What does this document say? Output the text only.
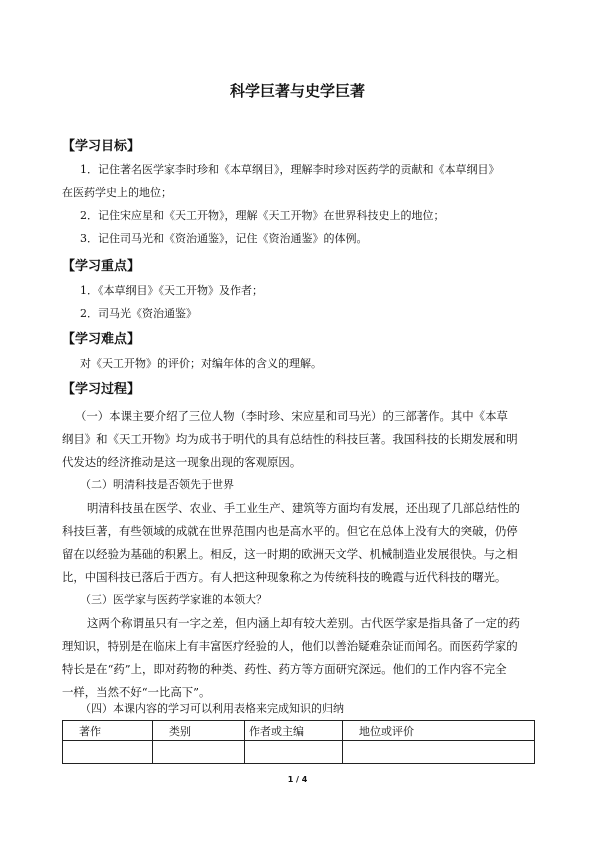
科学巨著与史学巨著
【学习目标】
1．记住著名医学家李时珍和《本草纲目》，理解李时珍对医药学的贡献和《本草纲目》
在医药学史上的地位；
2．记住宋应星和《天工开物》，理解《天工开物》在世界科技史上的地位；
3．记住司马光和《资治通鉴》，记住《资治通鉴》的体例。
【学习重点】
1．《本草纲目》《天工开物》及作者；
2．司马光《资治通鉴》
【学习难点】
对《天工开物》的评价；对编年体的含义的理解。
【学习过程】
（一）本课主要介绍了三位人物（李时珍、宋应星和司马光）的三部著作。其中《本草
纲目》和《天工开物》均为成书于明代的具有总结性的科技巨著。我国科技的长期发展和明
代发达的经济推动是这一现象出现的客观原因。
（二）明清科技是否领先于世界
明清科技虽在医学、农业、手工业生产、建筑等方面均有发展，还出现了几部总结性的
科技巨著，有些领域的成就在世界范围内也是高水平的。但它在总体上没有大的突破，仍停
留在以经验为基础的积累上。相反，这一时期的欧洲天文学、机械制造业发展很快。与之相
比，中国科技已落后于西方。有人把这种现象称之为传统科技的晚霞与近代科技的曙光。
（三）医学家与医药学家谁的本领大？
这两个称谓虽只有一字之差，但内涵上却有较大差别。古代医学家是指具备了一定的药
理知识，特别是在临床上有丰富医疗经验的人，他们以善治疑难杂证而闻名。而医药学家的
特长是在“药”上，即对药物的种类、药性、药方等方面研究深远。他们的工作内容不完全
一样，当然不好“一比高下”。
（四）本课内容的学习可以利用表格来完成知识的归纳
著作	类别	作者或主编	地位或评价

1 / 4
